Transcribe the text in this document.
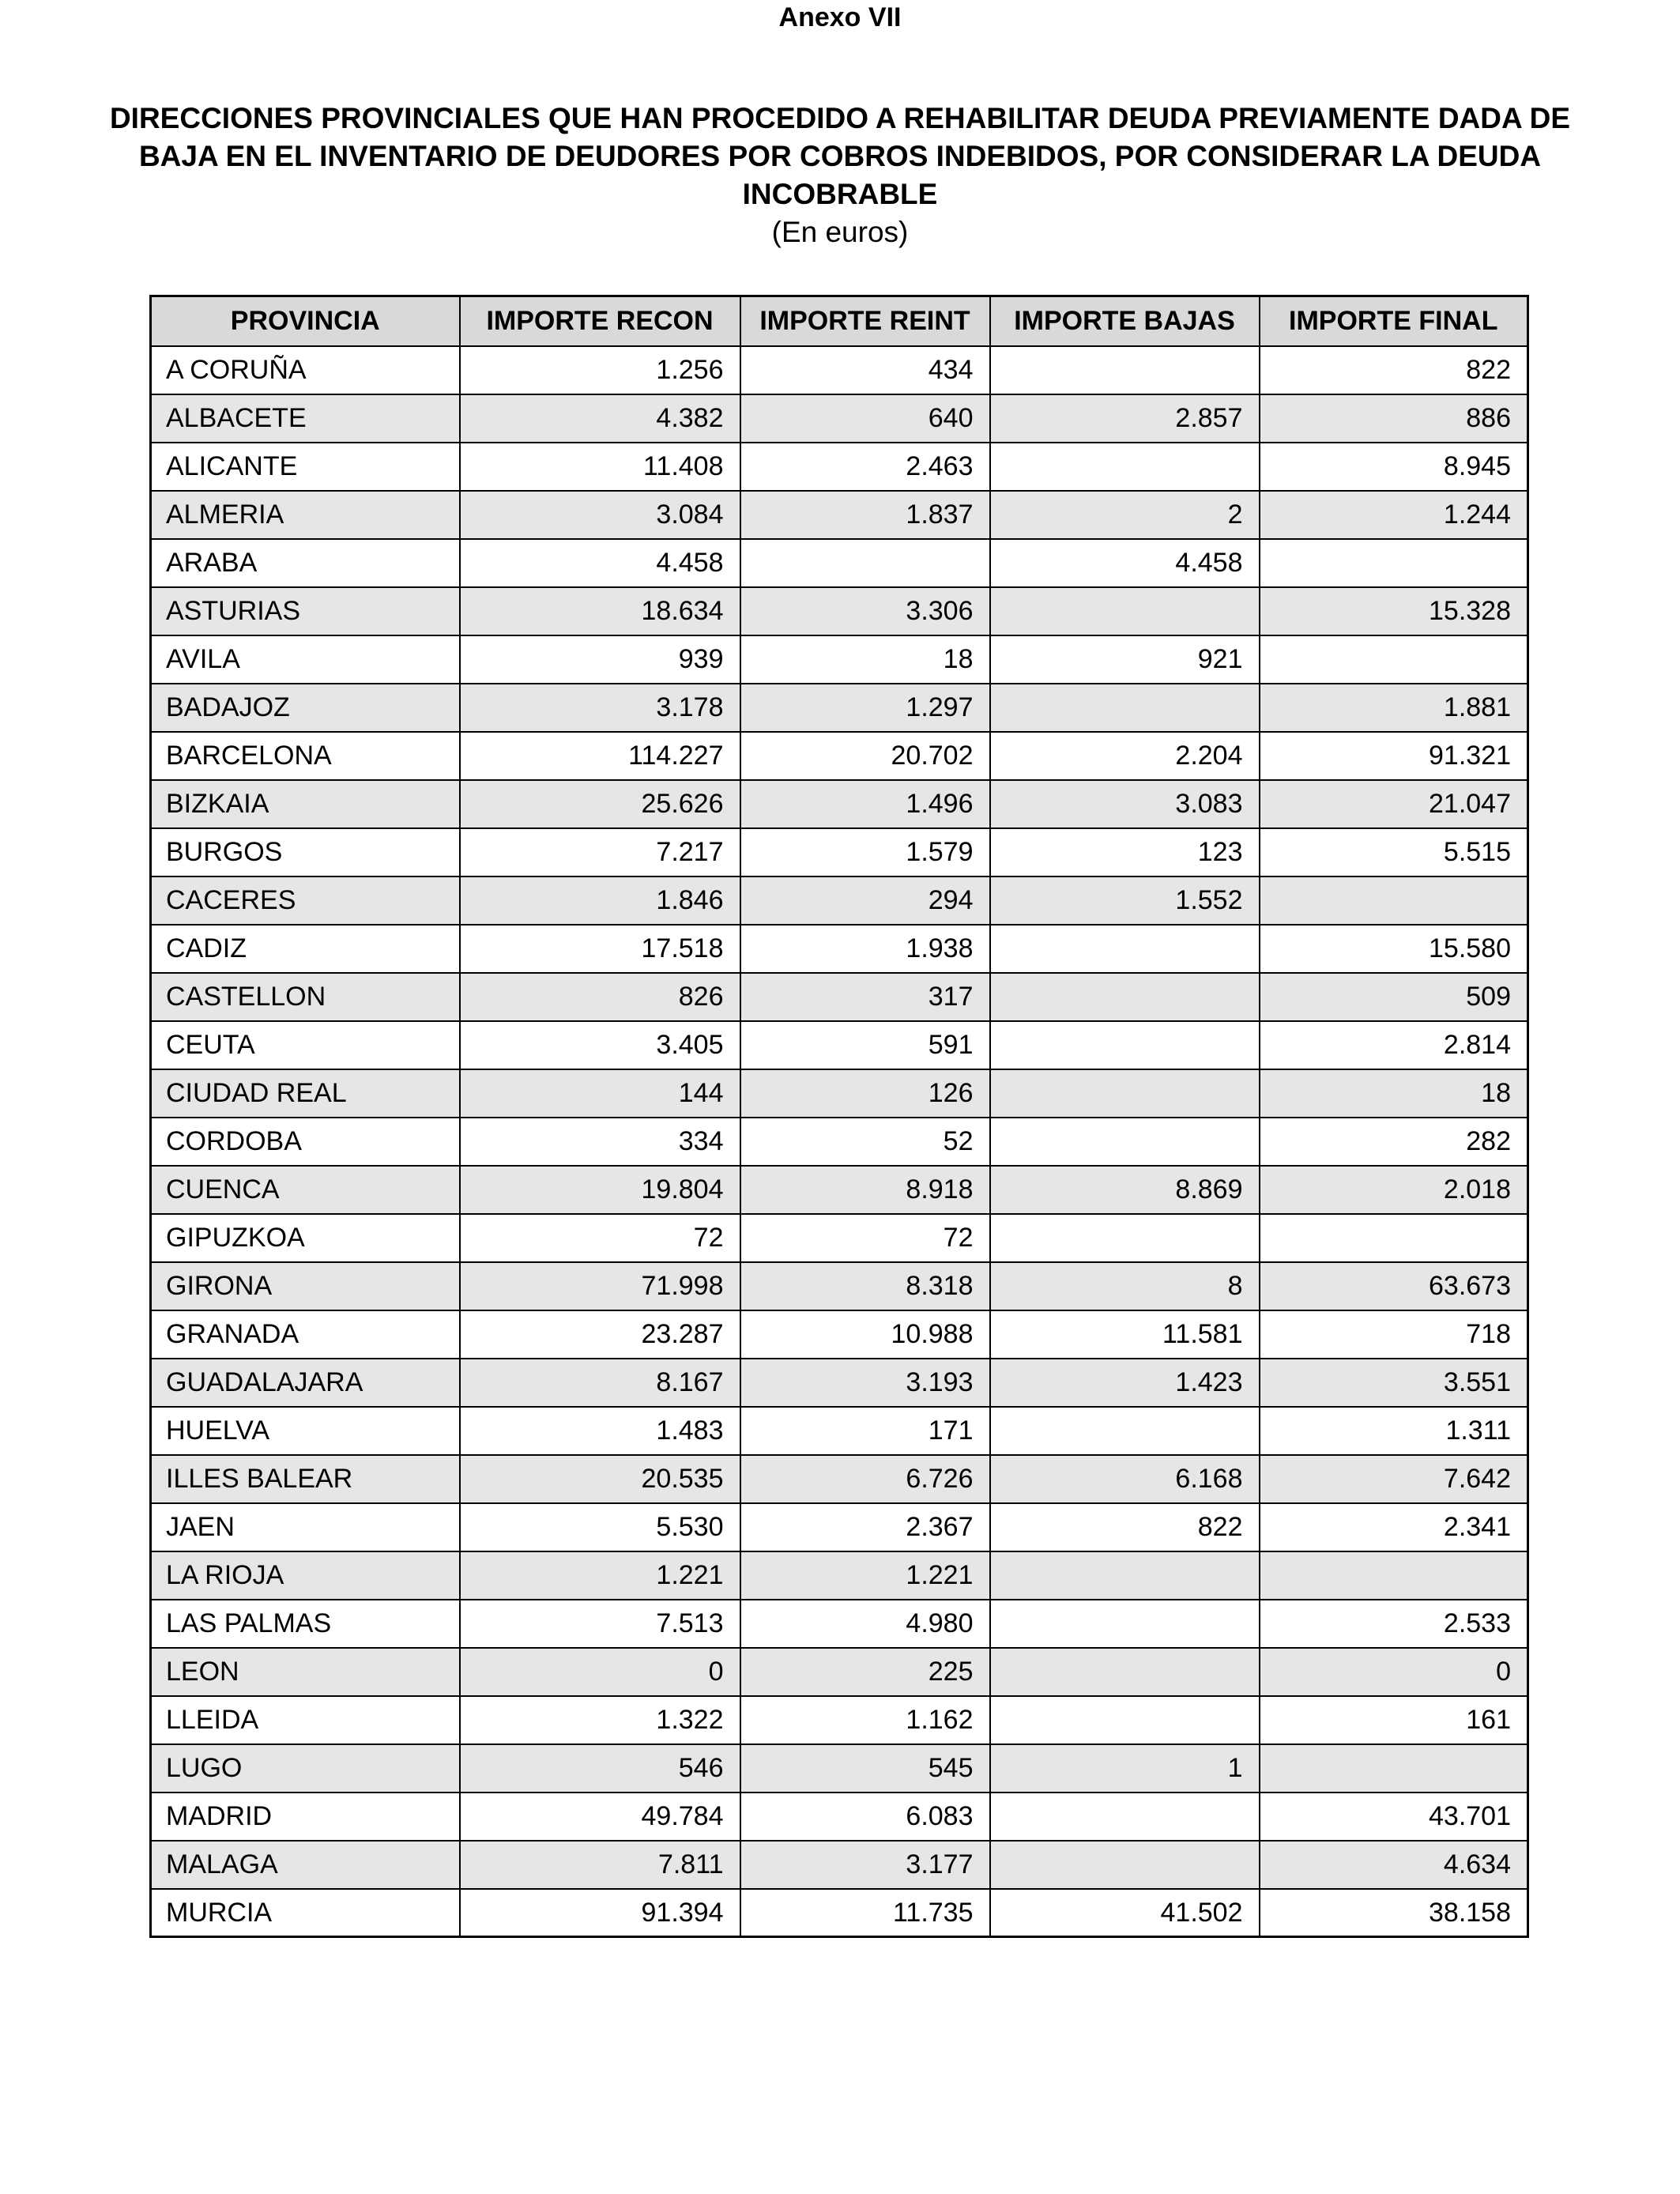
Anexo VII
DIRECCIONES PROVINCIALES QUE HAN PROCEDIDO A REHABILITAR DEUDA PREVIAMENTE DADA DE
BAJA EN EL INVENTARIO DE DEUDORES POR COBROS INDEBIDOS, POR CONSIDERAR LA DEUDA
INCOBRABLE
(En euros)
PROVINCIA	IMPORTE RECON	IMPORTE REINT	IMPORTE BAJAS	IMPORTE FINAL
A CORUÑA	1.256	434		822
ALBACETE	4.382	640	2.857	886
ALICANTE	11.408	2.463		8.945
ALMERIA	3.084	1.837	2	1.244
ARABA	4.458		4.458	
ASTURIAS	18.634	3.306		15.328
AVILA	939	18	921	
BADAJOZ	3.178	1.297		1.881
BARCELONA	114.227	20.702	2.204	91.321
BIZKAIA	25.626	1.496	3.083	21.047
BURGOS	7.217	1.579	123	5.515
CACERES	1.846	294	1.552	
CADIZ	17.518	1.938		15.580
CASTELLON	826	317		509
CEUTA	3.405	591		2.814
CIUDAD REAL	144	126		18
CORDOBA	334	52		282
CUENCA	19.804	8.918	8.869	2.018
GIPUZKOA	72	72		
GIRONA	71.998	8.318	8	63.673
GRANADA	23.287	10.988	11.581	718
GUADALAJARA	8.167	3.193	1.423	3.551
HUELVA	1.483	171		1.311
ILLES BALEAR	20.535	6.726	6.168	7.642
JAEN	5.530	2.367	822	2.341
LA RIOJA	1.221	1.221		
LAS PALMAS	7.513	4.980		2.533
LEON	0	225		0
LLEIDA	1.322	1.162		161
LUGO	546	545	1	
MADRID	49.784	6.083		43.701
MALAGA	7.811	3.177		4.634
MURCIA	91.394	11.735	41.502	38.158
